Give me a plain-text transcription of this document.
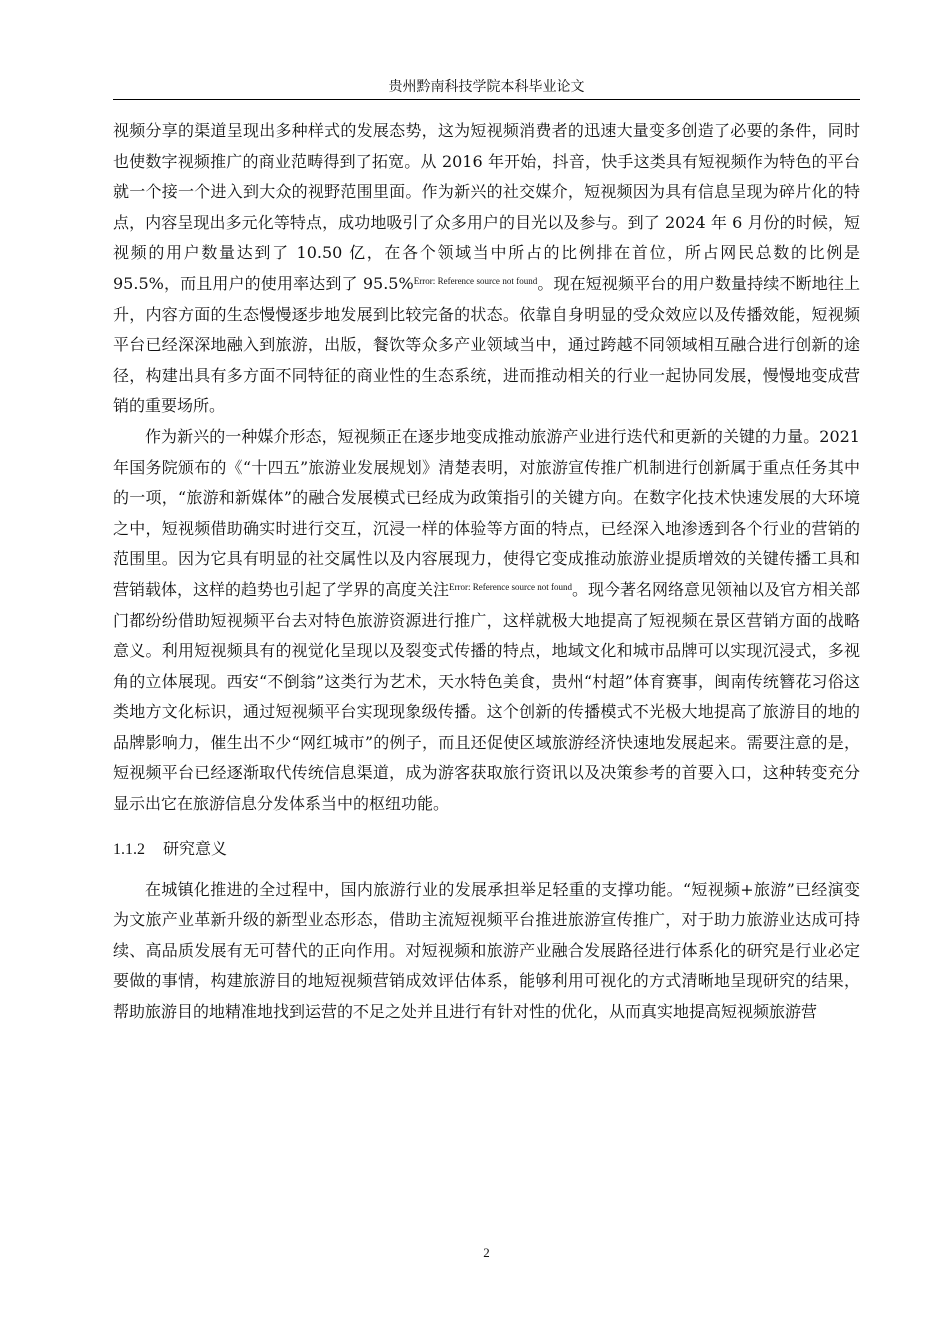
贵州黔南科技学院本科毕业论文

视频分享的渠道呈现出多种样式的发展态势，这为短视频消费者的迅速大量变多创造了必要的条件，同时也使数字视频推广的商业范畴得到了拓宽。从 2016 年开始，抖音，快手这类具有短视频作为特色的平台就一个接一个进入到大众的视野范围里面。作为新兴的社交媒介，短视频因为具有信息呈现为碎片化的特点，内容呈现出多元化等特点，成功地吸引了众多用户的目光以及参与。到了 2024 年 6 月份的时候，短视频的用户数量达到了 10.50 亿，在各个领域当中所占的比例排在首位，所占网民总数的比例是 95.5%，而且用户的使用率达到了 95.5%$^{Error: Reference source not found}$。现在短视频平台的用户数量持续不断地往上升，内容方面的生态慢慢逐步地发展到比较完备的状态。依靠自身明显的受众效应以及传播效能，短视频平台已经深深地融入到旅游，出版，餐饮等众多产业领域当中，通过跨越不同领域相互融合进行创新的途径，构建出具有多方面不同特征的商业性的生态系统，进而推动相关的行业一起协同发展，慢慢地变成营销的重要场所。

作为新兴的一种媒介形态，短视频正在逐步地变成推动旅游产业进行迭代和更新的关键的力量。2021 年国务院颁布的《“十四五”旅游业发展规划》清楚表明，对旅游宣传推广机制进行创新属于重点任务其中的一项，“旅游和新媒体”的融合发展模式已经成为政策指引的关键方向。在数字化技术快速发展的大环境之中，短视频借助确实时进行交互，沉浸一样的体验等方面的特点，已经深入地渗透到各个行业的营销的范围里。因为它具有明显的社交属性以及内容展现力，使得它变成推动旅游业提质增效的关键传播工具和营销载体，这样的趋势也引起了学界的高度关注$^{Error: Reference source not found}$。现今著名网络意见领袖以及官方相关部门都纷纷借助短视频平台去对特色旅游资源进行推广，这样就极大地提高了短视频在景区营销方面的战略意义。利用短视频具有的视觉化呈现以及裂变式传播的特点，地域文化和城市品牌可以实现沉浸式，多视角的立体展现。西安“不倒翁”这类行为艺术，天水特色美食，贵州“村超”体育赛事，闽南传统簪花习俗这类地方文化标识，通过短视频平台实现现象级传播。这个创新的传播模式不光极大地提高了旅游目的地的品牌影响力，催生出不少“网红城市”的例子，而且还促使区域旅游经济快速地发展起来。需要注意的是，短视频平台已经逐渐取代传统信息渠道，成为游客获取旅行资讯以及决策参考的首要入口，这种转变充分显示出它在旅游信息分发体系当中的枢纽功能。

1.1.2 研究意义

在城镇化推进的全过程中，国内旅游行业的发展承担举足轻重的支撑功能。“短视频+旅游”已经演变为文旅产业革新升级的新型业态形态，借助主流短视频平台推进旅游宣传推广，对于助力旅游业达成可持续、高品质发展有无可替代的正向作用。对短视频和旅游产业融合发展路径进行体系化的研究是行业必定要做的事情，构建旅游目的地短视频营销成效评估体系，能够利用可视化的方式清晰地呈现研究的结果，帮助旅游目的地精准地找到运营的不足之处并且进行有针对性的优化，从而真实地提高短视频旅游营

2
